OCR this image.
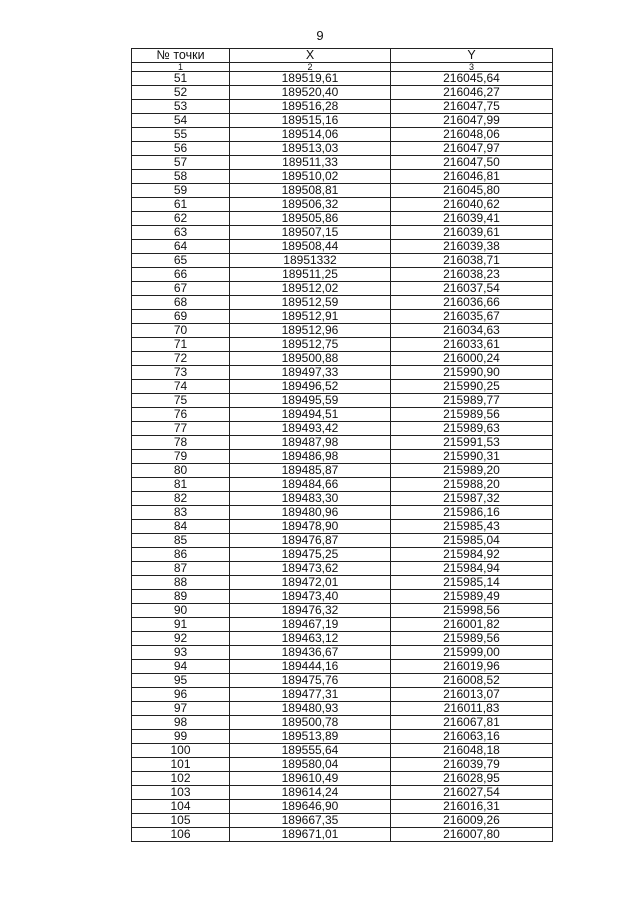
9
№ точки	X	Y
1	2	3
51	189519,61	216045,64
52	189520,40	216046,27
53	189516,28	216047,75
54	189515,16	216047,99
55	189514,06	216048,06
56	189513,03	216047,97
57	189511,33	216047,50
58	189510,02	216046,81
59	189508,81	216045,80
61	189506,32	216040,62
62	189505,86	216039,41
63	189507,15	216039,61
64	189508,44	216039,38
65	18951332	216038,71
66	189511,25	216038,23
67	189512,02	216037,54
68	189512,59	216036,66
69	189512,91	216035,67
70	189512,96	216034,63
71	189512,75	216033,61
72	189500,88	216000,24
73	189497,33	215990,90
74	189496,52	215990,25
75	189495,59	215989,77
76	189494,51	215989,56
77	189493,42	215989,63
78	189487,98	215991,53
79	189486,98	215990,31
80	189485,87	215989,20
81	189484,66	215988,20
82	189483,30	215987,32
83	189480,96	215986,16
84	189478,90	215985,43
85	189476,87	215985,04
86	189475,25	215984,92
87	189473,62	215984,94
88	189472,01	215985,14
89	189473,40	215989,49
90	189476,32	215998,56
91	189467,19	216001,82
92	189463,12	215989,56
93	189436,67	215999,00
94	189444,16	216019,96
95	189475,76	216008,52
96	189477,31	216013,07
97	189480,93	216011,83
98	189500,78	216067,81
99	189513,89	216063,16
100	189555,64	216048,18
101	189580,04	216039,79
102	189610,49	216028,95
103	189614,24	216027,54
104	189646,90	216016,31
105	189667,35	216009,26
106	189671,01	216007,80
